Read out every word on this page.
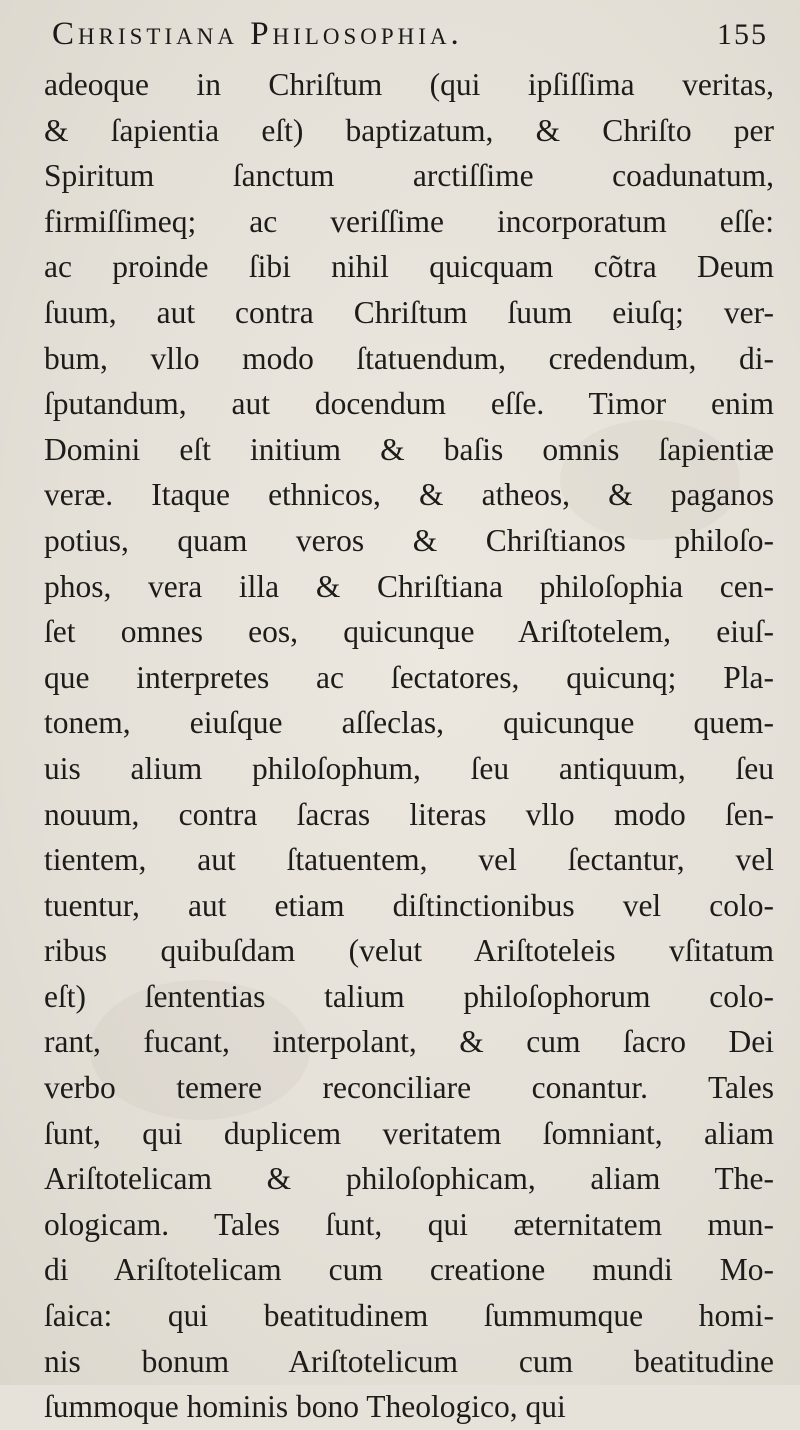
Christiana Philosophia.	155
adeoque in Chriſtum (qui ipſiſſima veritas,
& ſapientia eſt) baptizatum, & Chriſto per
Spiritum ſanctum arctiſſime coadunatum,
firmiſſimeq; ac veriſſime incorporatum eſſe:
ac proinde ſibi nihil quicquam cõtra Deum
ſuum, aut contra Chriſtum ſuum eiuſq; ver-
bum, vllo modo ſtatuendum, credendum, di-
ſputandum, aut docendum eſſe. Timor enim
Domini eſt initium & baſis omnis ſapientiæ
veræ. Itaque ethnicos, & atheos, & paganos
potius, quam veros & Chriſtianos philoſo-
phos, vera illa & Chriſtiana philoſophia cen-
ſet omnes eos, quicunque Ariſtotelem, eiuſ-
que interpretes ac ſectatores, quicunq; Pla-
tonem, eiuſque aſſeclas, quicunque quem-
uis alium philoſophum, ſeu antiquum, ſeu
nouum, contra ſacras literas vllo modo ſen-
tientem, aut ſtatuentem, vel ſectantur, vel
tuentur, aut etiam diſtinctionibus vel colo-
ribus quibuſdam (velut Ariſtoteleis vſitatum
eſt) ſententias talium philoſophorum colo-
rant, fucant, interpolant, & cum ſacro Dei
verbo temere reconciliare conantur. Tales
ſunt, qui duplicem veritatem ſomniant, aliam
Ariſtotelicam & philoſophicam, aliam The-
ologicam. Tales ſunt, qui æternitatem mun-
di Ariſtotelicam cum creatione mundi Mo-
ſaica: qui beatitudinem ſummumque homi-
nis bonum Ariſtotelicum cum beatitudine
ſummoque hominis bono Theologico, qui
